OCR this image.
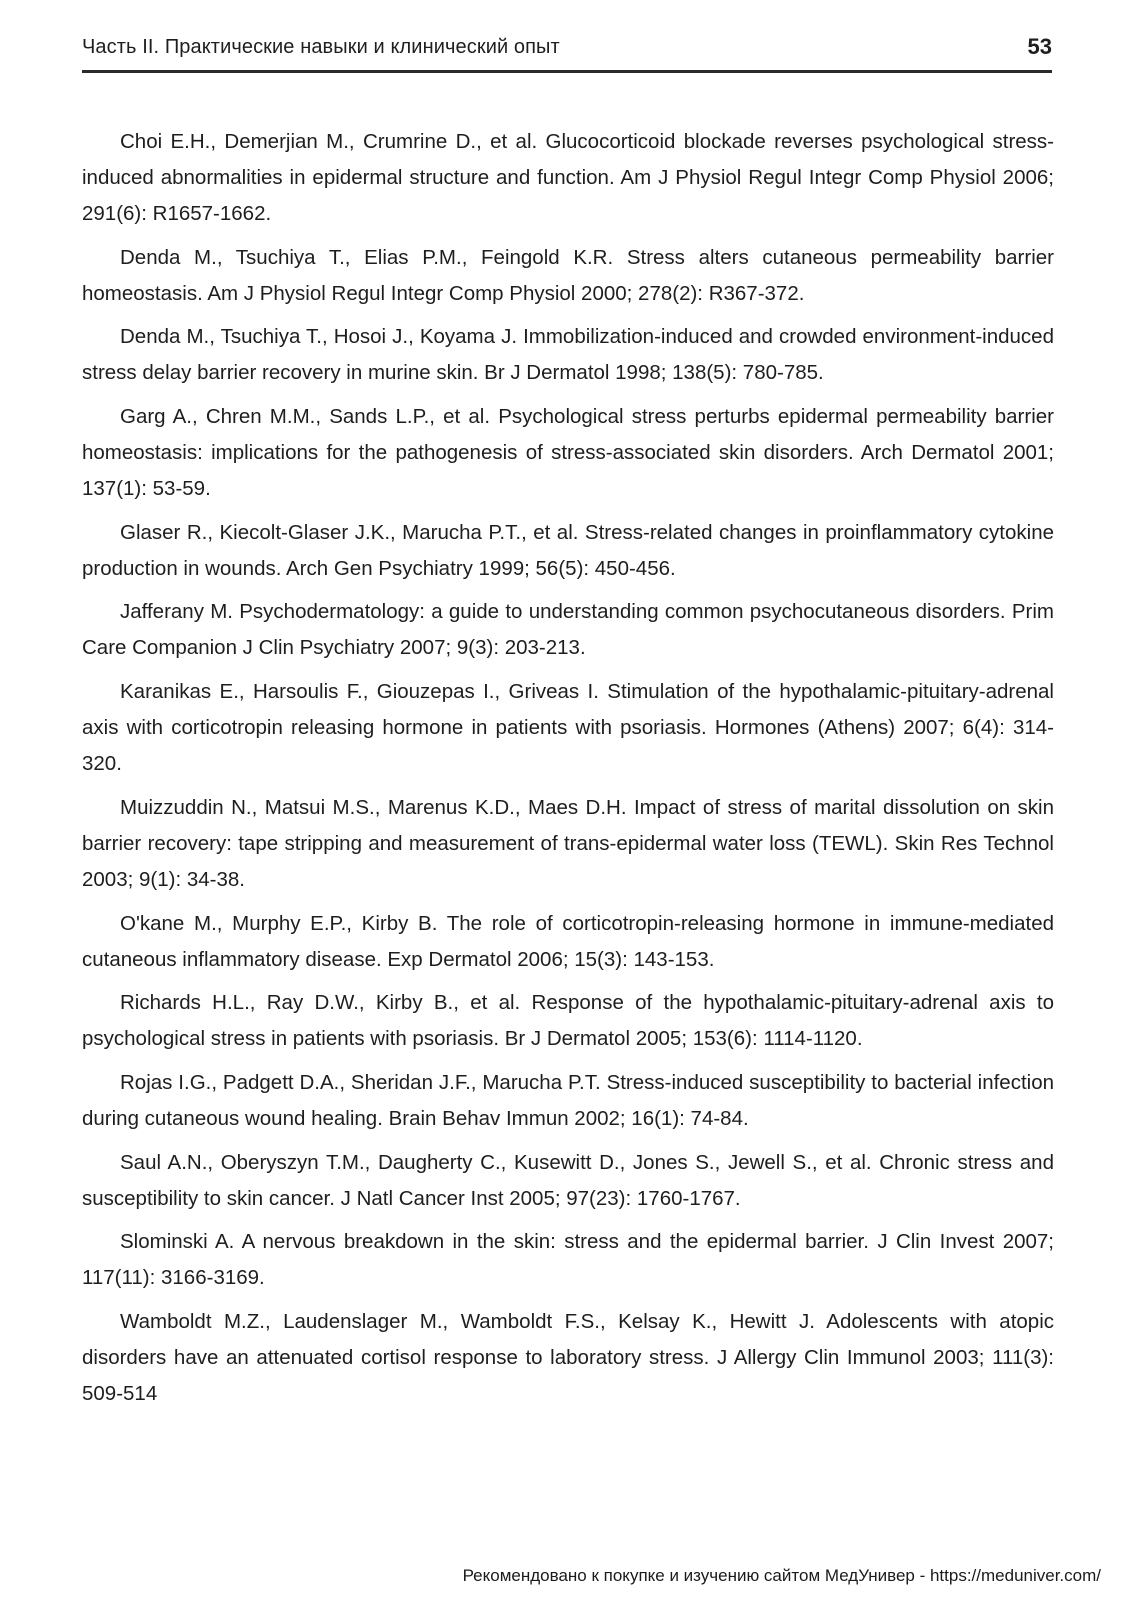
Часть II. Практические навыки и клинический опыт	53
Choi E.H., Demerjian M., Crumrine D., et al. Glucocorticoid blockade reverses psychological stress-induced abnormalities in epidermal structure and function. Am J Physiol Regul Integr Comp Physiol 2006; 291(6): R1657-1662.
Denda M., Tsuchiya T., Elias P.M., Feingold K.R. Stress alters cutaneous permeability barrier homeostasis. Am J Physiol Regul Integr Comp Physiol 2000; 278(2): R367-372.
Denda M., Tsuchiya T., Hosoi J., Koyama J. Immobilization-induced and crowded environment-induced stress delay barrier recovery in murine skin. Br J Dermatol 1998; 138(5): 780-785.
Garg A., Chren M.M., Sands L.P., et al. Psychological stress perturbs epidermal permeability barrier homeostasis: implications for the pathogenesis of stress-associated skin disorders. Arch Dermatol 2001; 137(1): 53-59.
Glaser R., Kiecolt-Glaser J.K., Marucha P.T., et al. Stress-related changes in proinflammatory cytokine production in wounds. Arch Gen Psychiatry 1999; 56(5): 450-456.
Jafferany M. Psychodermatology: a guide to understanding common psychocutaneous disorders. Prim Care Companion J Clin Psychiatry 2007; 9(3): 203-213.
Karanikas E., Harsoulis F., Giouzepas I., Griveas I. Stimulation of the hypothalamic-pituitary-adrenal axis with corticotropin releasing hormone in patients with psoriasis. Hormones (Athens) 2007; 6(4): 314-320.
Muizzuddin N., Matsui M.S., Marenus K.D., Maes D.H. Impact of stress of marital dissolution on skin barrier recovery: tape stripping and measurement of trans-epidermal water loss (TEWL). Skin Res Technol 2003; 9(1): 34-38.
O'kane M., Murphy E.P., Kirby B. The role of corticotropin-releasing hormone in immune-mediated cutaneous inflammatory disease. Exp Dermatol 2006; 15(3): 143-153.
Richards H.L., Ray D.W., Kirby B., et al. Response of the hypothalamic-pituitary-adrenal axis to psychological stress in patients with psoriasis. Br J Dermatol 2005; 153(6): 1114-1120.
Rojas I.G., Padgett D.A., Sheridan J.F., Marucha P.T. Stress-induced susceptibility to bacterial infection during cutaneous wound healing. Brain Behav Immun 2002; 16(1): 74-84.
Saul A.N., Oberyszyn T.M., Daugherty C., Kusewitt D., Jones S., Jewell S., et al. Chronic stress and susceptibility to skin cancer. J Natl Cancer Inst 2005; 97(23): 1760-1767.
Slominski A. A nervous breakdown in the skin: stress and the epidermal barrier. J Clin Invest 2007; 117(11): 3166-3169.
Wamboldt M.Z., Laudenslager M., Wamboldt F.S., Kelsay K., Hewitt J. Adolescents with atopic disorders have an attenuated cortisol response to laboratory stress. J Allergy Clin Immunol 2003; 111(3): 509-514
Рекомендовано к покупке и изучению сайтом МедУнивер - https://meduniver.com/
